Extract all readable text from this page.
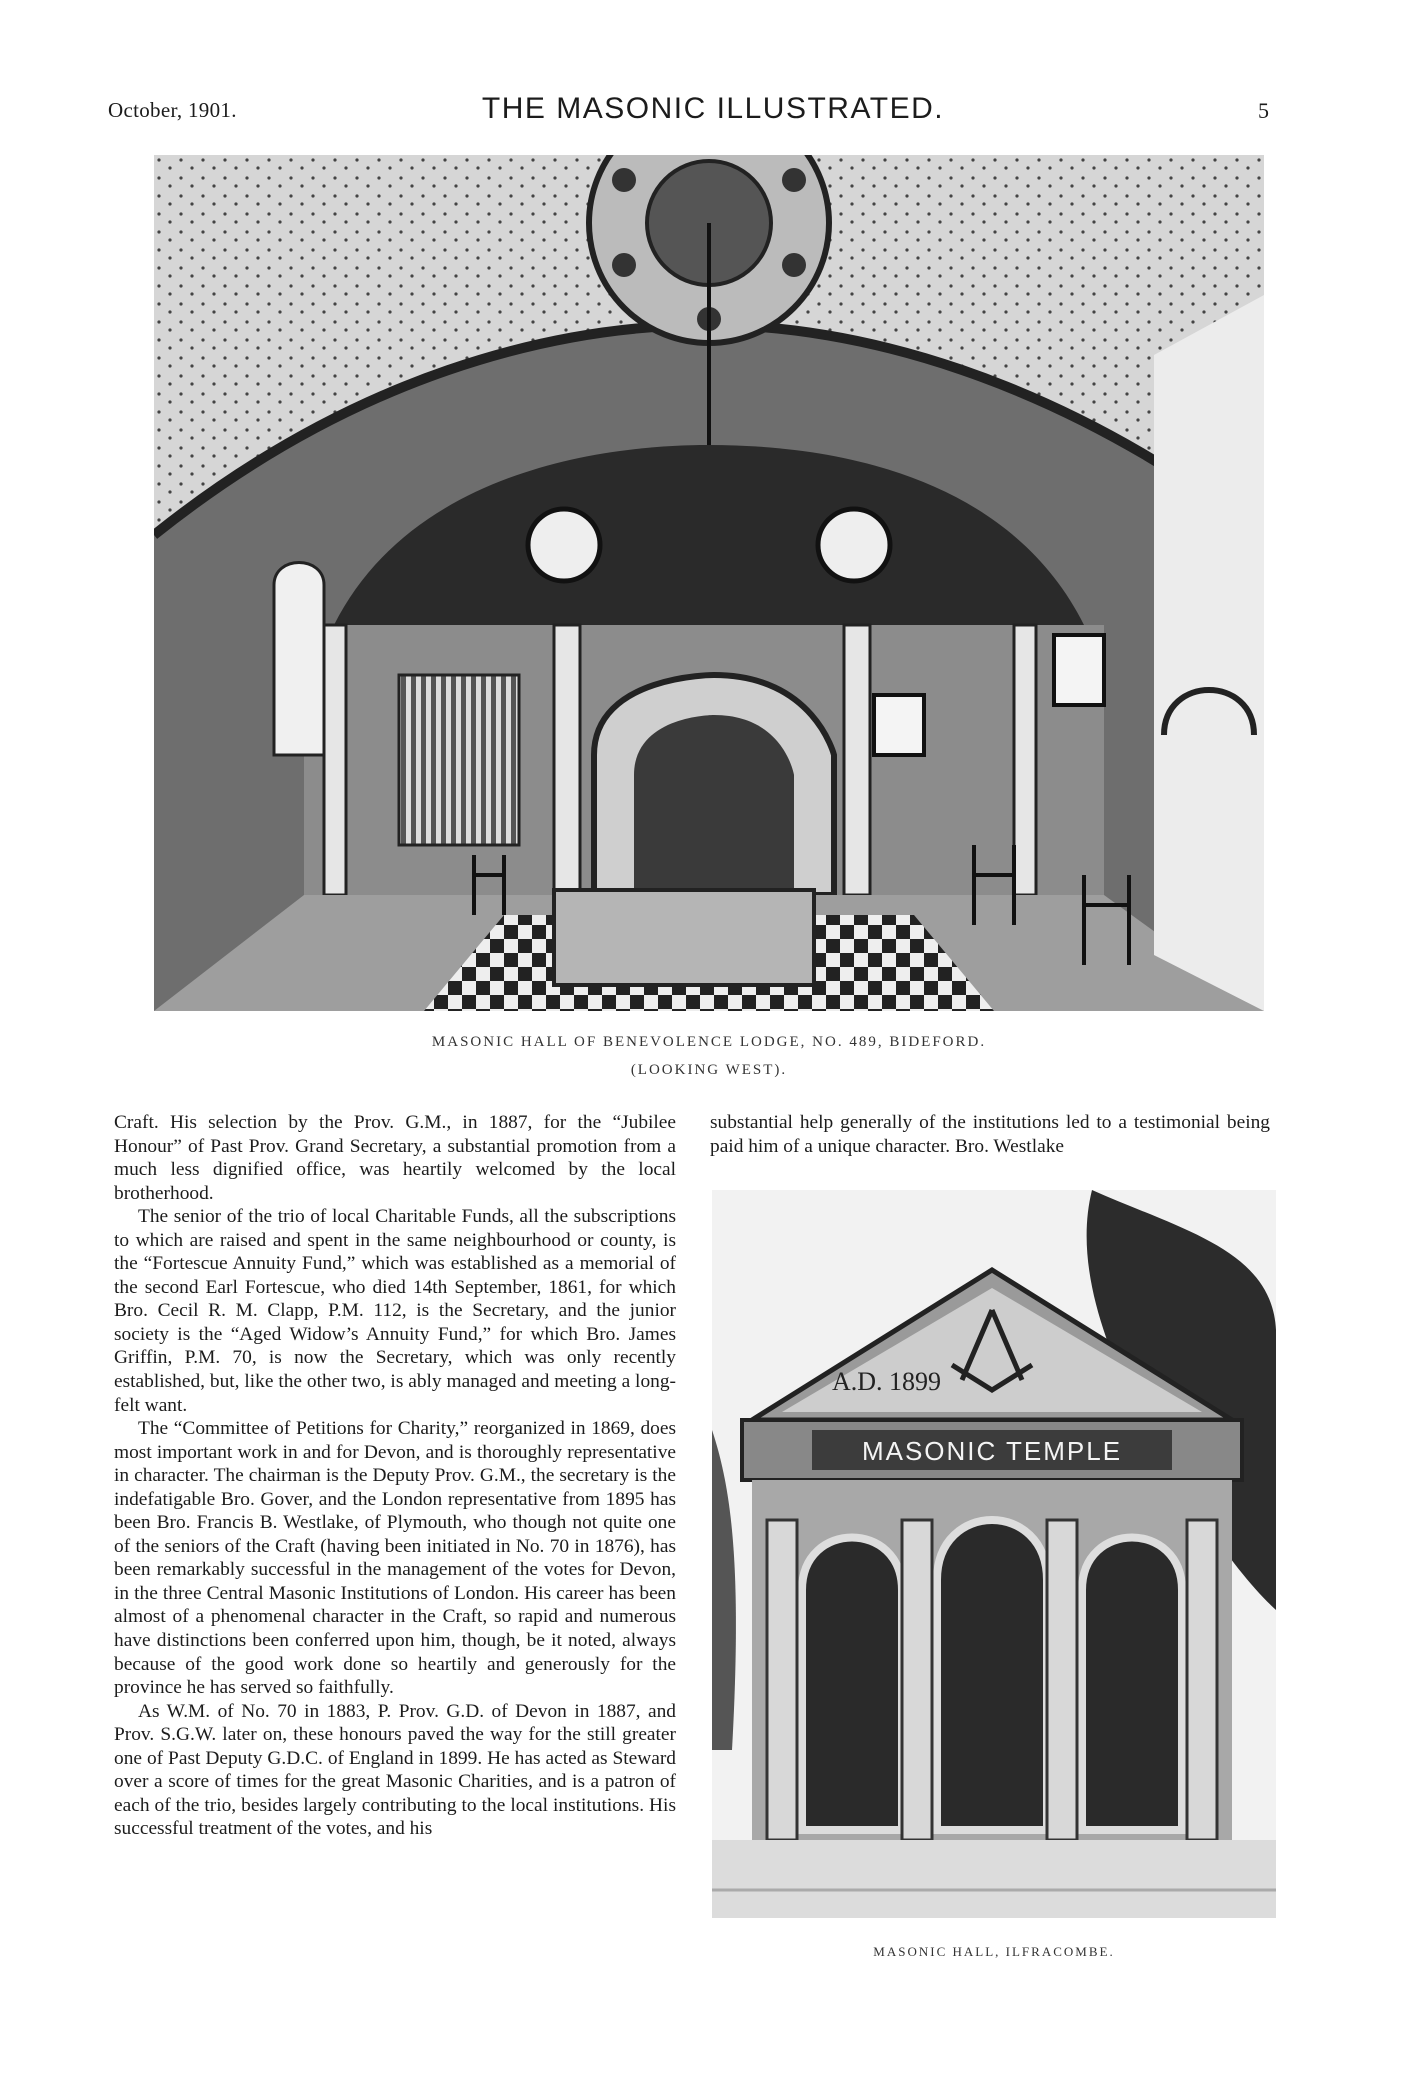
October, 1901.	THE MASONIC ILLUSTRATED.	5
MASONIC HALL OF BENEVOLENCE LODGE, NO. 489, BIDEFORD.
(LOOKING WEST).

Craft. His selection by the Prov. G.M., in 1887, for the “Jubilee Honour” of Past Prov. Grand Secretary, a substantial promotion from a much less dignified office, was heartily welcomed by the local brotherhood.

The senior of the trio of local Charitable Funds, all the subscriptions to which are raised and spent in the same neighbourhood or county, is the “Fortescue Annuity Fund,” which was established as a memorial of the second Earl Fortescue, who died 14th September, 1861, for which Bro. Cecil R. M. Clapp, P.M. 112, is the Secretary, and the junior society is the “Aged Widow’s Annuity Fund,” for which Bro. James Griffin, P.M. 70, is now the Secretary, which was only recently established, but, like the other two, is ably managed and meeting a long-felt want.

The “Committee of Petitions for Charity,” reorganized in 1869, does most important work in and for Devon, and is thoroughly representative in character. The chairman is the Deputy Prov. G.M., the secretary is the indefatigable Bro. Gover, and the London representative from 1895 has been Bro. Francis B. Westlake, of Plymouth, who though not quite one of the seniors of the Craft (having been initiated in No. 70 in 1876), has been remarkably successful in the management of the votes for Devon, in the three Central Masonic Institutions of London. His career has been almost of a phenomenal character in the Craft, so rapid and numerous have distinctions been conferred upon him, though, be it noted, always because of the good work done so heartily and generously for the province he has served so faithfully.

As W.M. of No. 70 in 1883, P. Prov. G.D. of Devon in 1887, and Prov. S.G.W. later on, these honours paved the way for the still greater one of Past Deputy G.D.C. of England in 1899. He has acted as Steward over a score of times for the great Masonic Charities, and is a patron of each of the trio, besides largely contributing to the local institutions. His successful treatment of the votes, and his

substantial help generally of the institutions led to a testimonial being paid him of a unique character. Bro. Westlake

A.D. 1899
MASONIC TEMPLE
MASONIC HALL, ILFRACOMBE.
